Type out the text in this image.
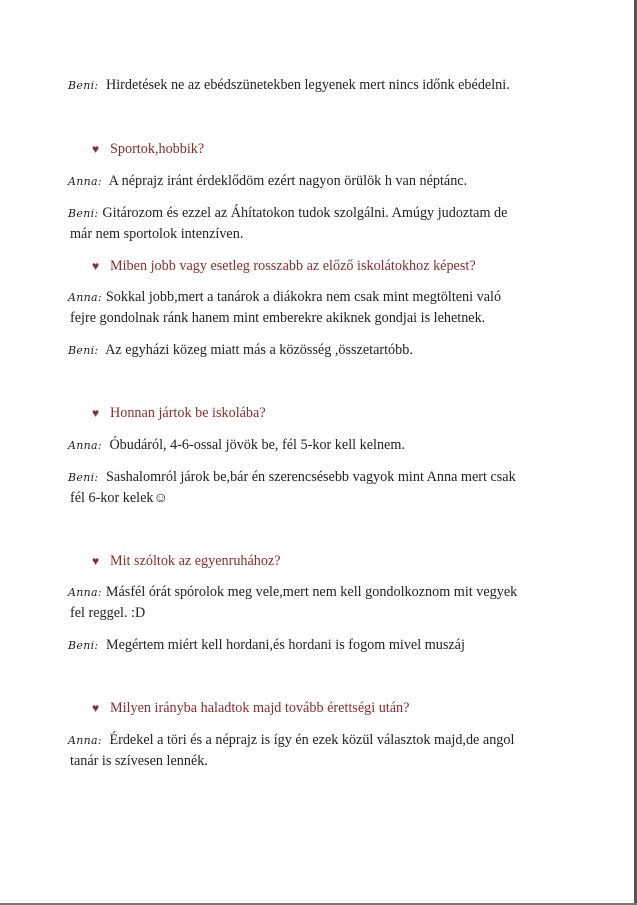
Beni: Hirdetések ne az ebédszünetekben legyenek mert nincs időnk ebédelni.
♥ Sportok,hobbik?
Anna: A néprajz iránt érdeklődöm ezért nagyon örülök h van néptánc.
Beni: Gitározom és ezzel az Áhítatokon tudok szolgálni. Amúgy judoztam de
már nem sportolok intenzíven.
♥ Miben jobb vagy esetleg rosszabb az előző iskolátokhoz képest?
Anna: Sokkal jobb,mert a tanárok a diákokra nem csak mint megtölteni való
fejre gondolnak ránk hanem mint emberekre akiknek gondjai is lehetnek.
Beni: Az egyházi közeg miatt más a közösség ,összetartóbb.
♥ Honnan jártok be iskolába?
Anna: Óbudáról, 4-6-ossal jövök be, fél 5-kor kell kelnem.
Beni: Sashalomról járok be,bár én szerencsésebb vagyok mint Anna mert csak
fél 6-kor kelek☺
♥ Mit szóltok az egyenruhához?
Anna: Másfél órát spórolok meg vele,mert nem kell gondolkoznom mit vegyek
fel reggel. :D
Beni: Megértem miért kell hordani,és hordani is fogom mivel muszáj
♥ Milyen irányba haladtok majd tovább érettségi után?
Anna: Érdekel a töri és a néprajz is így én ezek közül választok majd,de angol
tanár is szívesen lennék.
